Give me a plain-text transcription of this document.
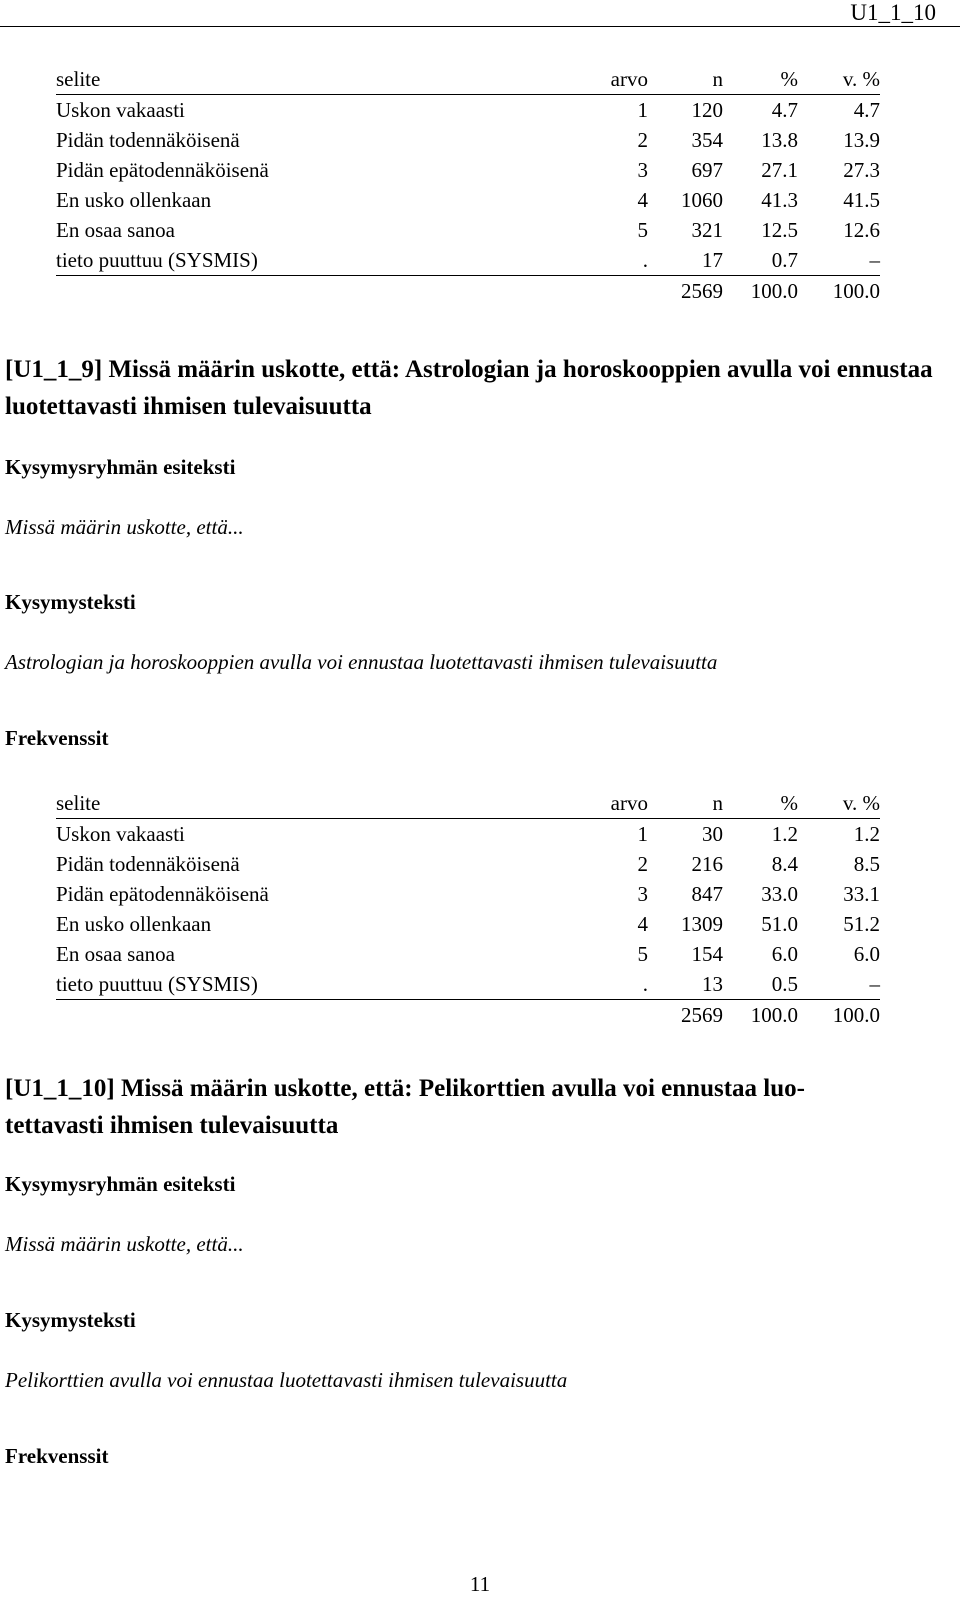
U1_1_10
selite	arvo	n	%	v. %
Uskon vakaasti	1	120	4.7	4.7
Pidän todennäköisenä	2	354	13.8	13.9
Pidän epätodennäköisenä	3	697	27.1	27.3
En usko ollenkaan	4	1060	41.3	41.5
En osaa sanoa	5	321	12.5	12.6
tieto puuttuu (SYSMIS)	.	17	0.7	–
		2569	100.0	100.0
[U1_1_9] Missä määrin uskotte, että: Astrologian ja horoskooppien avulla voi ennustaa luotettavasti ihmisen tulevaisuutta
Kysymysryhmän esiteksti
Missä määrin uskotte, että...
Kysymysteksti
Astrologian ja horoskooppien avulla voi ennustaa luotettavasti ihmisen tulevaisuutta
Frekvenssit
selite	arvo	n	%	v. %
Uskon vakaasti	1	30	1.2	1.2
Pidän todennäköisenä	2	216	8.4	8.5
Pidän epätodennäköisenä	3	847	33.0	33.1
En usko ollenkaan	4	1309	51.0	51.2
En osaa sanoa	5	154	6.0	6.0
tieto puuttuu (SYSMIS)	.	13	0.5	–
		2569	100.0	100.0
[U1_1_10] Missä määrin uskotte, että: Pelikorttien avulla voi ennustaa luo-
tettavasti ihmisen tulevaisuutta
Kysymysryhmän esiteksti
Missä määrin uskotte, että...
Kysymysteksti
Pelikorttien avulla voi ennustaa luotettavasti ihmisen tulevaisuutta
Frekvenssit
11
